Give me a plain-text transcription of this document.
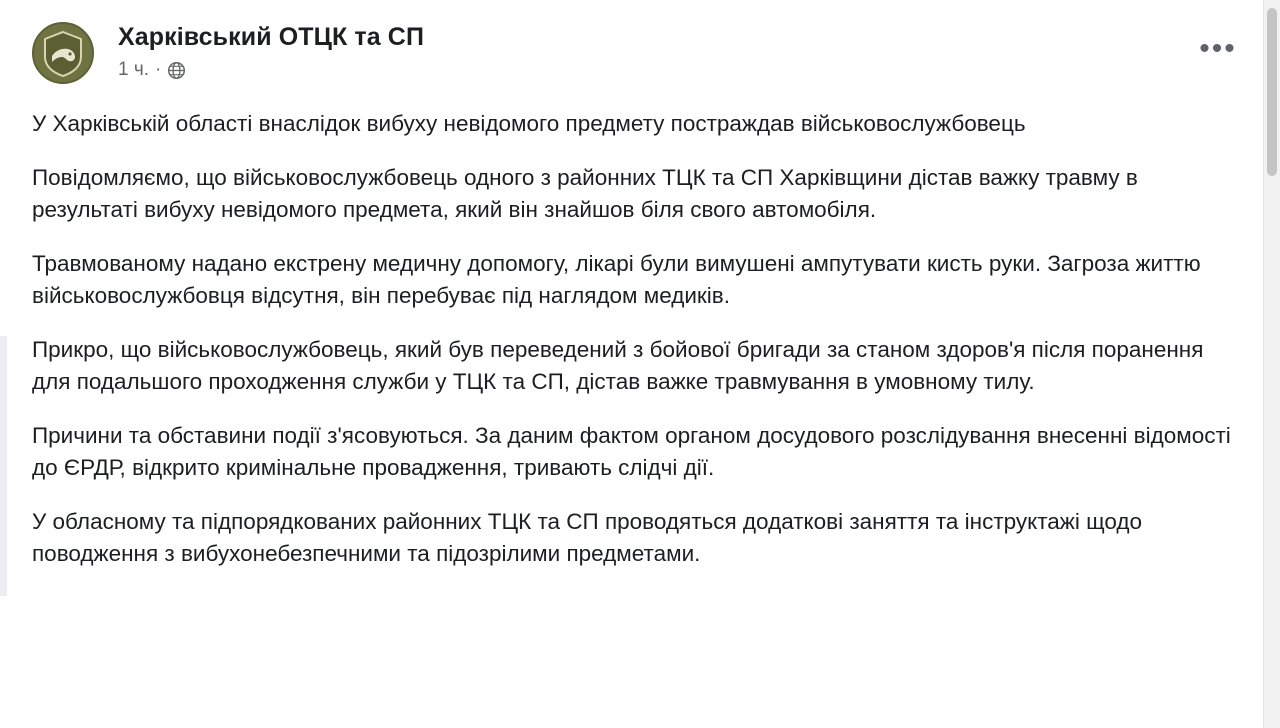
Харківський ОТЦК та СП
1 ч. ·
•••

У Харківській області внаслідок вибуху невідомого предмету постраждав військовослужбовець

Повідомляємо, що військовослужбовець одного з районних ТЦК та СП Харківщини дістав важку травму в результаті вибуху невідомого предмета, який він знайшов біля свого автомобіля.

Травмованому надано екстрену медичну допомогу, лікарі були вимушені ампутувати кисть руки. Загроза життю військовослужбовця відсутня, він перебуває під наглядом медиків.

Прикро, що військовослужбовець, який був переведений з бойової бригади за станом здоров'я після поранення для подальшого проходження служби у ТЦК та СП, дістав важке травмування в умовному тилу.

Причини та обставини події з'ясовуються. За даним фактом органом досудового розслідування внесенні відомості до ЄРДР, відкрито кримінальне провадження, тривають слідчі дії.

У обласному та підпорядкованих районних ТЦК та СП проводяться додаткові заняття та інструктажі щодо поводження з вибухонебезпечними та підозрілими предметами.
